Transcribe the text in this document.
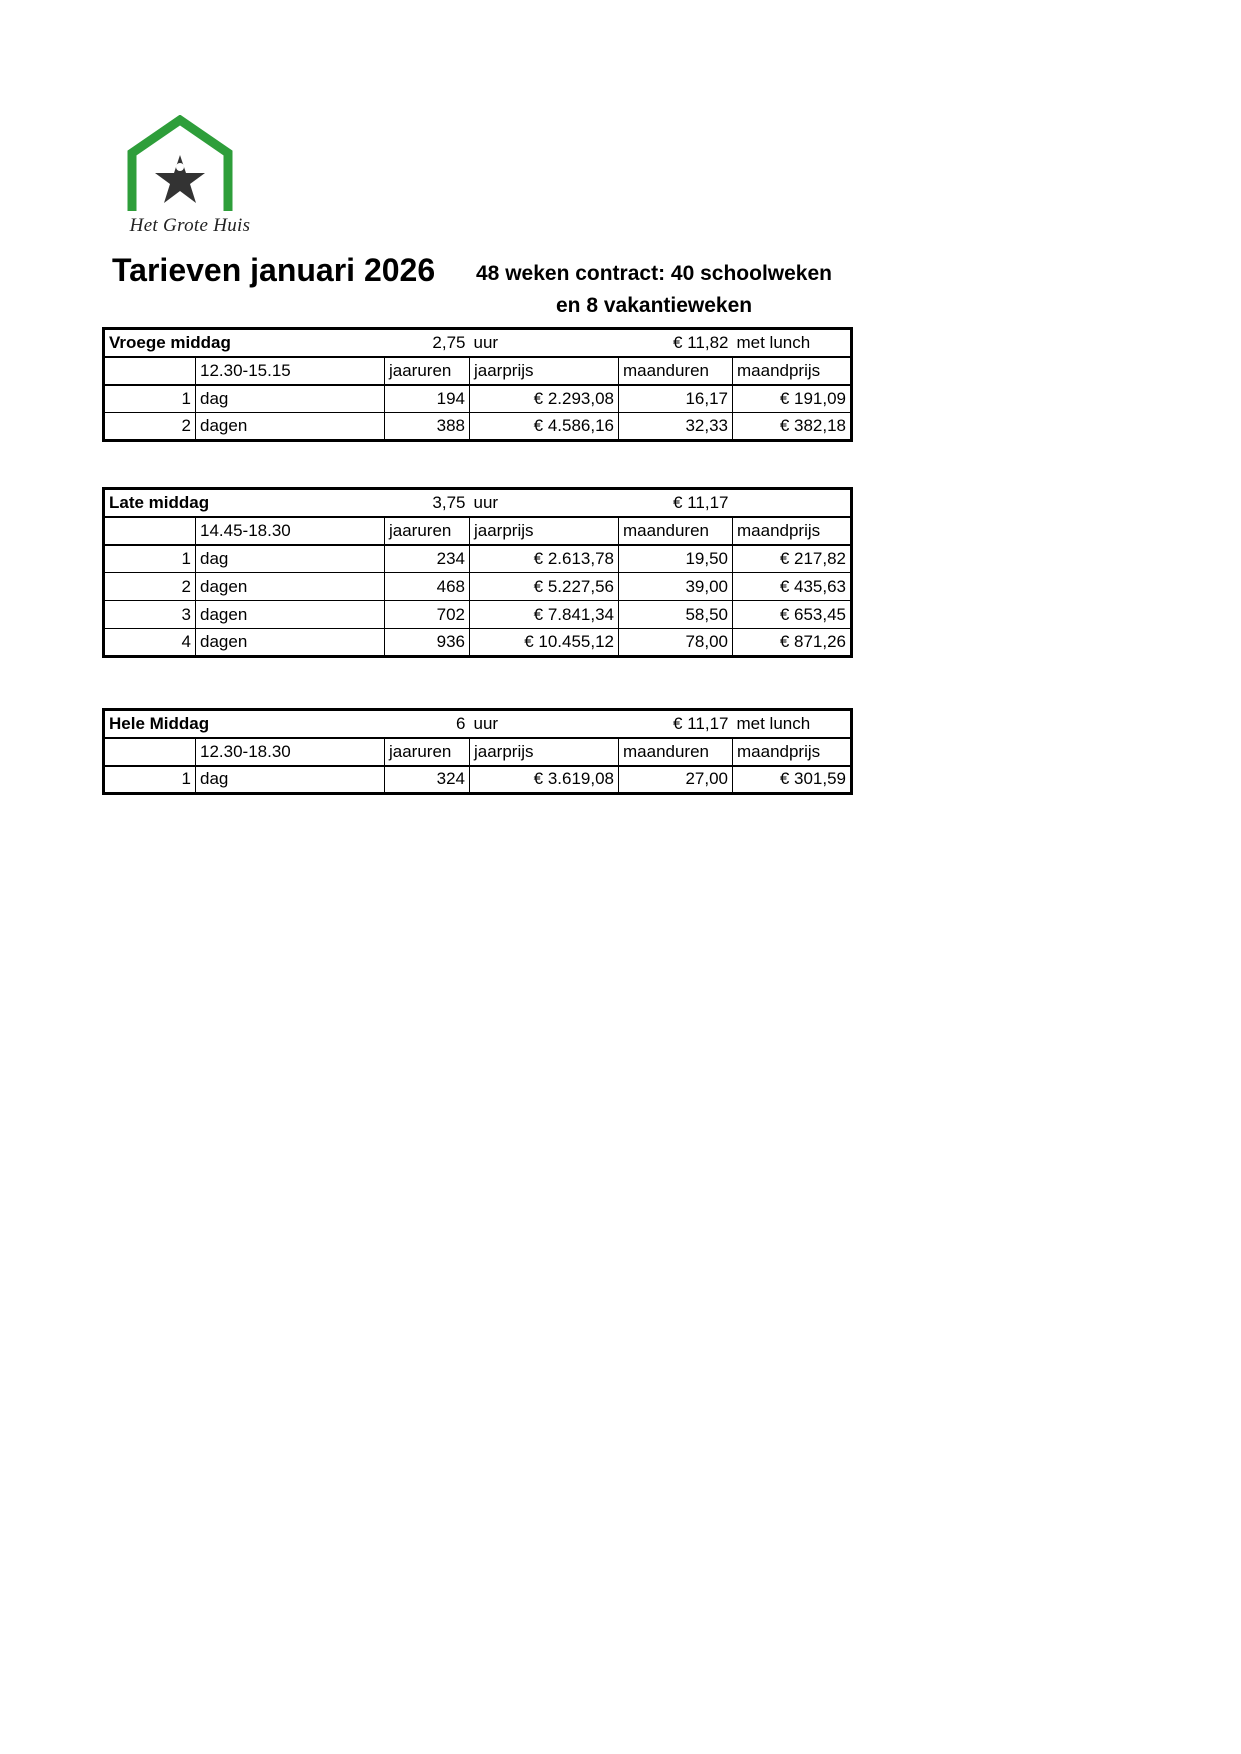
Het Grote Huis
Tarieven januari 2026 48 weken contract: 40 schoolweken
en 8 vakantieweken
Vroege middag		2,75	uur	€ 11,82	met lunch
	12.30-15.15	jaaruren	jaarprijs	maanduren	maandprijs
1	dag	194	€ 2.293,08	16,17	€ 191,09
2	dagen	388	€ 4.586,16	32,33	€ 382,18
Late middag		3,75	uur	€ 11,17	
	14.45-18.30	jaaruren	jaarprijs	maanduren	maandprijs
1	dag	234	€ 2.613,78	19,50	€ 217,82
2	dagen	468	€ 5.227,56	39,00	€ 435,63
3	dagen	702	€ 7.841,34	58,50	€ 653,45
4	dagen	936	€ 10.455,12	78,00	€ 871,26
Hele Middag		6	uur	€ 11,17	met lunch
	12.30-18.30	jaaruren	jaarprijs	maanduren	maandprijs
1	dag	324	€ 3.619,08	27,00	€ 301,59
